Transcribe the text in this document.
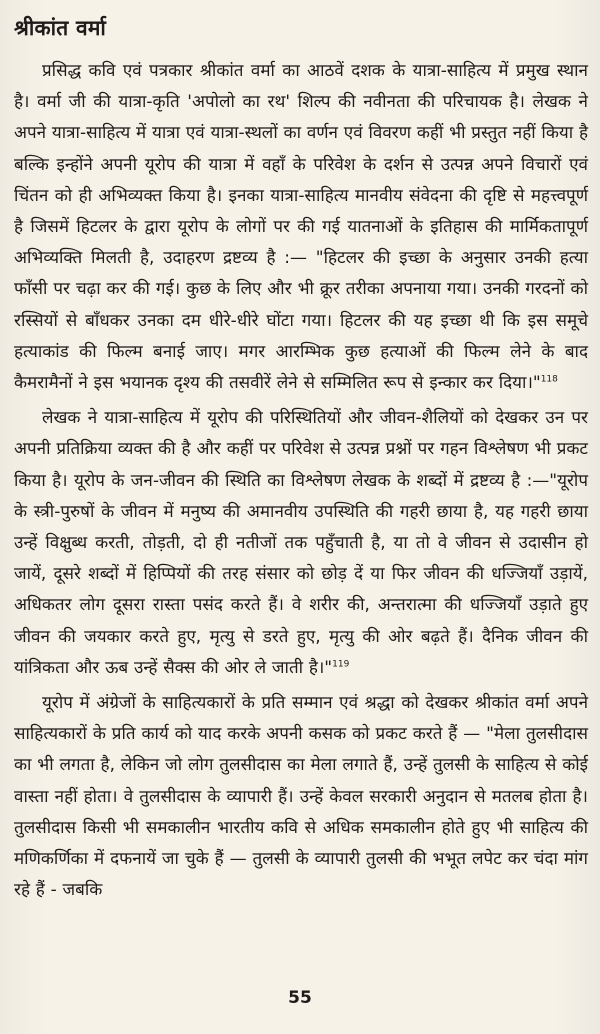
श्रीकांत वर्मा

प्रसिद्ध कवि एवं पत्रकार श्रीकांत वर्मा का आठवें दशक के यात्रा-साहित्य में प्रमुख स्थान है। वर्मा जी की यात्रा-कृति 'अपोलो का रथ' शिल्प की नवीनता की परिचायक है। लेखक ने अपने यात्रा-साहित्य में यात्रा एवं यात्रा-स्थलों का वर्णन एवं विवरण कहीं भी प्रस्तुत नहीं किया है बल्कि इन्होंने अपनी यूरोप की यात्रा में वहाँ के परिवेश के दर्शन से उत्पन्न अपने विचारों एवं चिंतन को ही अभिव्यक्त किया है। इनका यात्रा-साहित्य मानवीय संवेदना की दृष्टि से महत्त्वपूर्ण है जिसमें हिटलर के द्वारा यूरोप के लोगों पर की गई यातनाओं के इतिहास की मार्मिकतापूर्ण अभिव्यक्ति मिलती है, उदाहरण द्रष्टव्य है :— "हिटलर की इच्छा के अनुसार उनकी हत्या फाँसी पर चढ़ा कर की गई। कुछ के लिए और भी क्रूर तरीका अपनाया गया। उनकी गरदनों को रस्सियों से बाँधकर उनका दम धीरे-धीरे घोंटा गया। हिटलर की यह इच्छा थी कि इस समूचे हत्याकांड की फिल्म बनाई जाए। मगर आरम्भिक कुछ हत्याओं की फिल्म लेने के बाद कैमरामैनों ने इस भयानक दृश्य की तसवीरें लेने से सम्मिलित रूप से इन्कार कर दिया।"$^{118}$

लेखक ने यात्रा-साहित्य में यूरोप की परिस्थितियों और जीवन-शैलियों को देखकर उन पर अपनी प्रतिक्रिया व्यक्त की है और कहीं पर परिवेश से उत्पन्न प्रश्नों पर गहन विश्लेषण भी प्रकट किया है। यूरोप के जन-जीवन की स्थिति का विश्लेषण लेखक के शब्दों में द्रष्टव्य है :—"यूरोप के स्त्री-पुरुषों के जीवन में मनुष्य की अमानवीय उपस्थिति की गहरी छाया है, यह गहरी छाया उन्हें विक्षुब्ध करती, तोड़ती, दो ही नतीजों तक पहुँचाती है, या तो वे जीवन से उदासीन हो जायें, दूसरे शब्दों में हिप्पियों की तरह संसार को छोड़ दें या फिर जीवन की धज्जियाँ उड़ायें, अधिकतर लोग दूसरा रास्ता पसंद करते हैं। वे शरीर की, अन्तरात्मा की धज्जियाँ उड़ाते हुए जीवन की जयकार करते हुए, मृत्यु से डरते हुए, मृत्यु की ओर बढ़ते हैं। दैनिक जीवन की यांत्रिकता और ऊब उन्हें सैक्स की ओर ले जाती है।"$^{119}$

यूरोप में अंग्रेजों के साहित्यकारों के प्रति सम्मान एवं श्रद्धा को देखकर श्रीकांत वर्मा अपने साहित्यकारों के प्रति कार्य को याद करके अपनी कसक को प्रकट करते हैं — "मेला तुलसीदास का भी लगता है, लेकिन जो लोग तुलसीदास का मेला लगाते हैं, उन्हें तुलसी के साहित्य से कोई वास्ता नहीं होता। वे तुलसीदास के व्यापारी हैं। उन्हें केवल सरकारी अनुदान से मतलब होता है। तुलसीदास किसी भी समकालीन भारतीय कवि से अधिक समकालीन होते हुए भी साहित्य की मणिकर्णिका में दफनायें जा चुके हैं — तुलसी के व्यापारी तुलसी की भभूत लपेट कर चंदा मांग रहे हैं - जबकि

55
